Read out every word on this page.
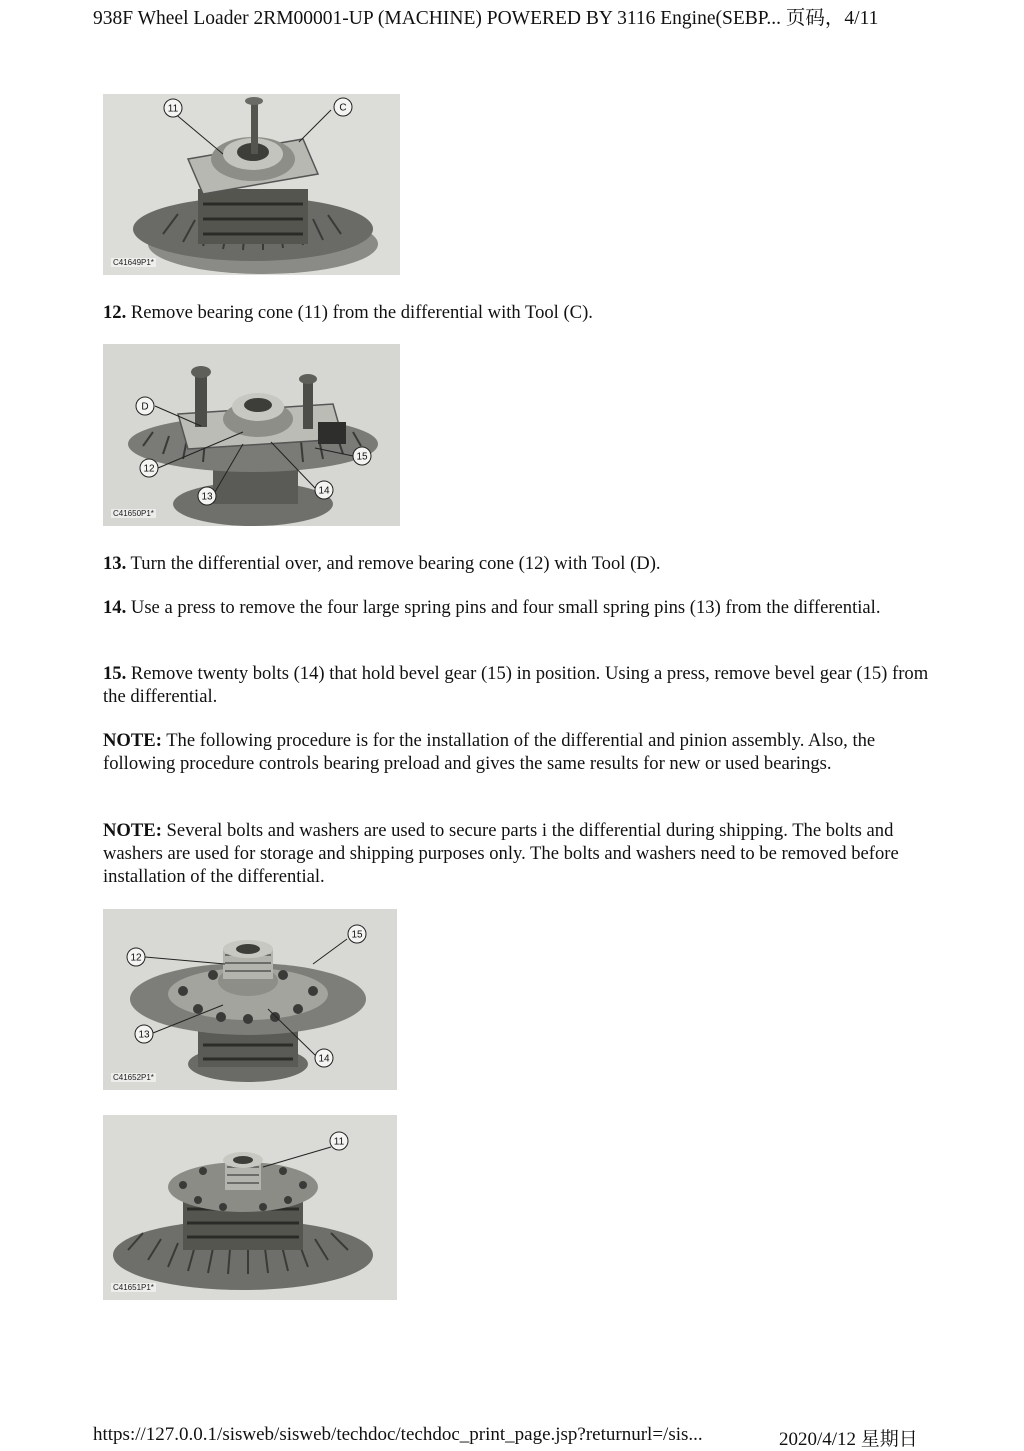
938F Wheel Loader 2RM00001-UP (MACHINE) POWERED BY 3116 Engine(SEBP... 页码，4/11
11	C
C41649P1*
12. Remove bearing cone (11) from the differential with Tool (C).
D
12
13
14
15
C41650P1*
13. Turn the differential over, and remove bearing cone (12) with Tool (D).
14. Use a press to remove the four large spring pins and four small spring pins (13) from the differential.
15. Remove twenty bolts (14) that hold bevel gear (15) in position. Using a press, remove bevel gear (15) from the differential.
NOTE: The following procedure is for the installation of the differential and pinion assembly. Also, the following procedure controls bearing preload and gives the same results for new or used bearings.
NOTE: Several bolts and washers are used to secure parts i the differential during shipping. The bolts and washers are used for storage and shipping purposes only. The bolts and washers need to be removed before installation of the differential.
12
15
13
14
C41652P1*
11
C41651P1*
https://127.0.0.1/sisweb/sisweb/techdoc/techdoc_print_page.jsp?returnurl=/sis...	2020/4/12 星期日
